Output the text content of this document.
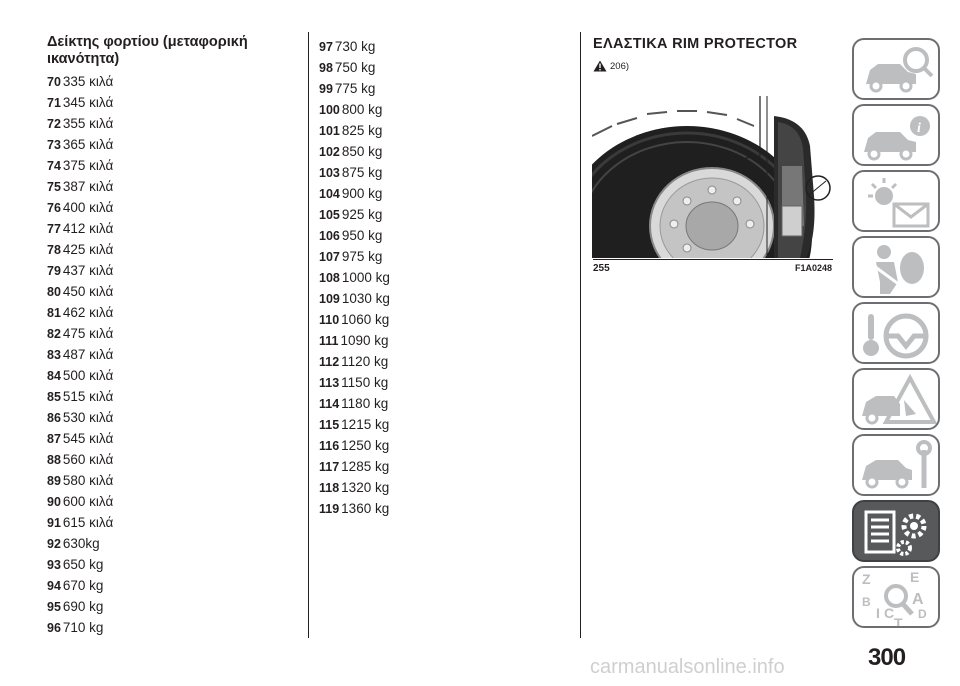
Δείκτης φορτίου (μεταφορική ικανότητα)
70 335 κιλά
71 345 κιλά
72 355 κιλά
73 365 κιλά
74 375 κιλά
75 387 κιλά
76 400 κιλά
77 412 κιλά
78 425 κιλά
79 437 κιλά
80 450 κιλά
81 462 κιλά
82 475 κιλά
83 487 κιλά
84 500 κιλά
85 515 κιλά
86 530 κιλά
87 545 κιλά
88 560 κιλά
89 580 κιλά
90 600 κιλά
91 615 κιλά
92 630kg
93 650 kg
94 670 kg
95 690 kg
96 710 kg
97 730 kg
98 750 kg
99 775 kg
100 800 kg
101 825 kg
102 850 kg
103 875 kg
104 900 kg
105 925 kg
106 950 kg
107 975 kg
108 1000 kg
109 1030 kg
110 1060 kg
111 1090 kg
112 1120 kg
113 1150 kg
114 1180 kg
115 1215 kg
116 1250 kg
117 1285 kg
118 1320 kg
119 1360 kg
ΕΛΑΣΤΙΚΑ RIM PROTECTOR
206)
255	F1A0248
i
Z	E
B	A
I C D
T
300
carmanualsonline.info
